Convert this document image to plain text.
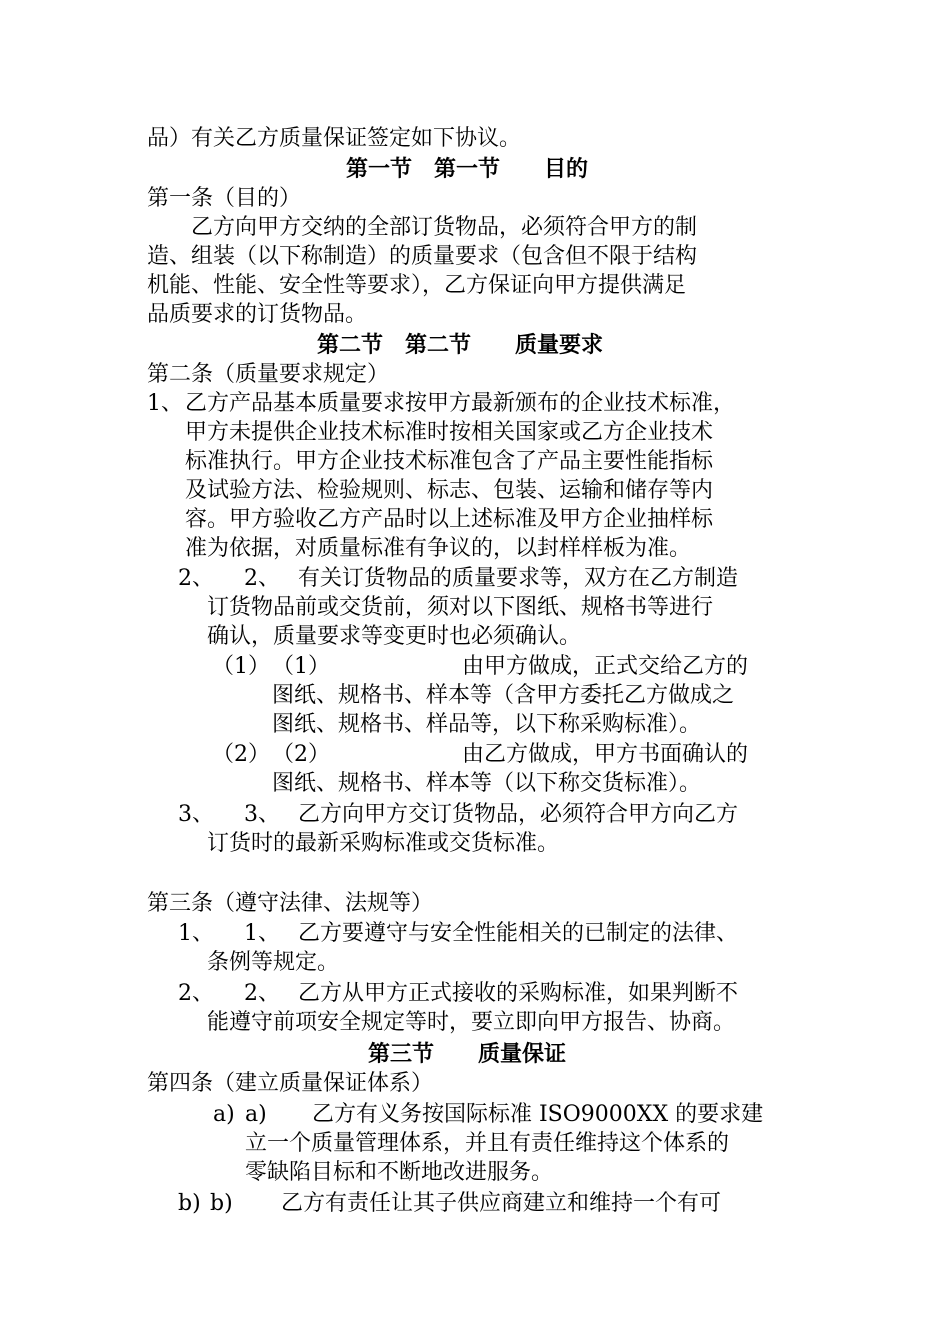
品）有关乙方质量保证签定如下协议。
第一节　第一节　　目的
第一条（目的）
　　乙方向甲方交纳的全部订货物品，必须符合甲方的制
造、组装（以下称制造）的质量要求（包含但不限于结构
机能、性能、安全性等要求），乙方保证向甲方提供满足
品质要求的订货物品。
第二节　第二节　　质量要求
第二条（质量要求规定）
1、 乙方产品基本质量要求按甲方最新颁布的企业技术标准，
甲方未提供企业技术标准时按相关国家或乙方企业技术
标准执行。甲方企业技术标准包含了产品主要性能指标
及试验方法、检验规则、标志、包装、运输和储存等内
容。甲方验收乙方产品时以上述标准及甲方企业抽样标
准为依据，对质量标准有争议的，以封样样板为准。
2、 2、 有关订货物品的质量要求等，双方在乙方制造
订货物品前或交货前，须对以下图纸、规格书等进行
确认，质量要求等变更时也必须确认。
（1） （1）	由甲方做成，正式交给乙方的
图纸、规格书、样本等（含甲方委托乙方做成之
图纸、规格书、样品等，以下称采购标准）。
（2） （2）	由乙方做成，甲方书面确认的
图纸、规格书、样本等（以下称交货标准）。
3、 3、 乙方向甲方交订货物品，必须符合甲方向乙方
订货时的最新采购标准或交货标准。
第三条（遵守法律、法规等）
1、 1、 乙方要遵守与安全性能相关的已制定的法律、
条例等规定。
2、 2、 乙方从甲方正式接收的采购标准，如果判断不
能遵守前项安全规定等时，要立即向甲方报告、协商。
第三节　　质量保证
第四条（建立质量保证体系）
a) a) 乙方有义务按国际标准 ISO9000XX 的要求建
立一个质量管理体系，并且有责任维持这个体系的
零缺陷目标和不断地改进服务。
b) b) 乙方有责任让其子供应商建立和维持一个有可
